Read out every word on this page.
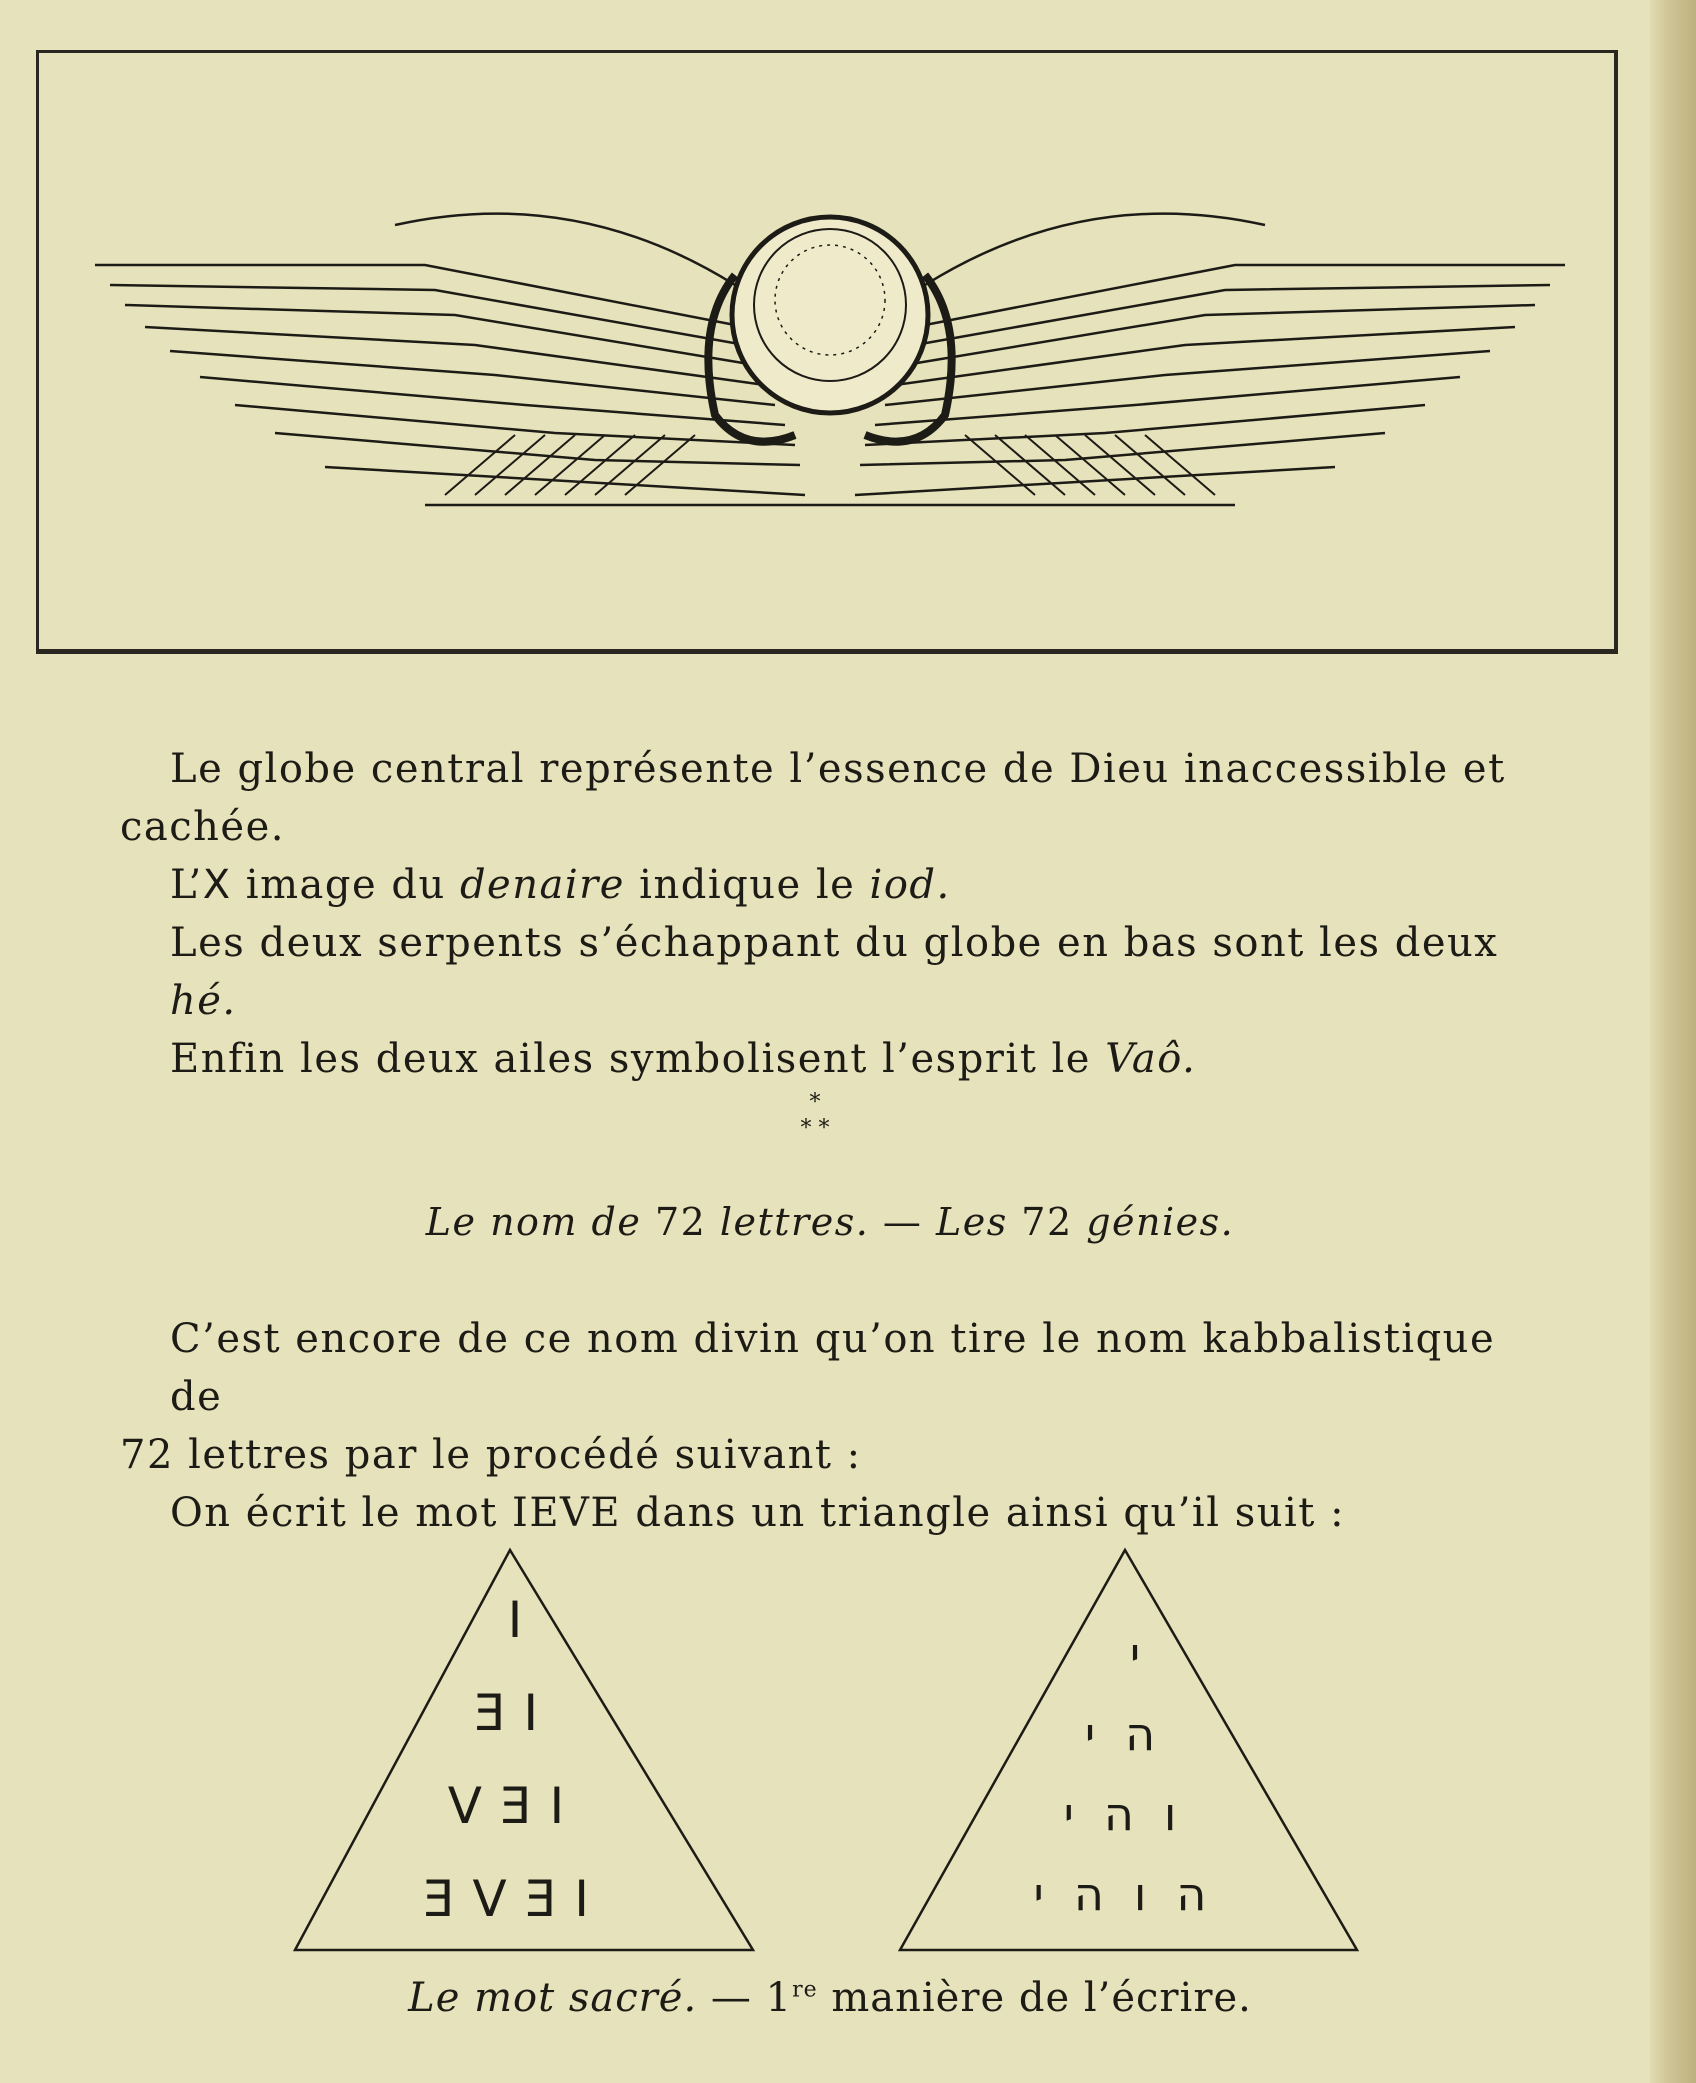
Le globe central représente l’essence de Dieu inaccessible et

cachée.

L’X image du denaire indique le iod.

Les deux serpents s’échappant du globe en bas sont les deux hé.

Enfin les deux ailes symbolisent l’esprit le Vaô.

*
* *
Le nom de 72 lettres. — Les 72 génies.

C’est encore de ce nom divin qu’on tire le nom kabbalistique de

72 lettres par le procédé suivant :

On écrit le mot IEVE dans un triangle ainsi qu’il suit :

I
ƎI
VƎI
ƎVƎI
י
הי
והי
הוהי
Le mot sacré. — 1re manière de l’écrire.
